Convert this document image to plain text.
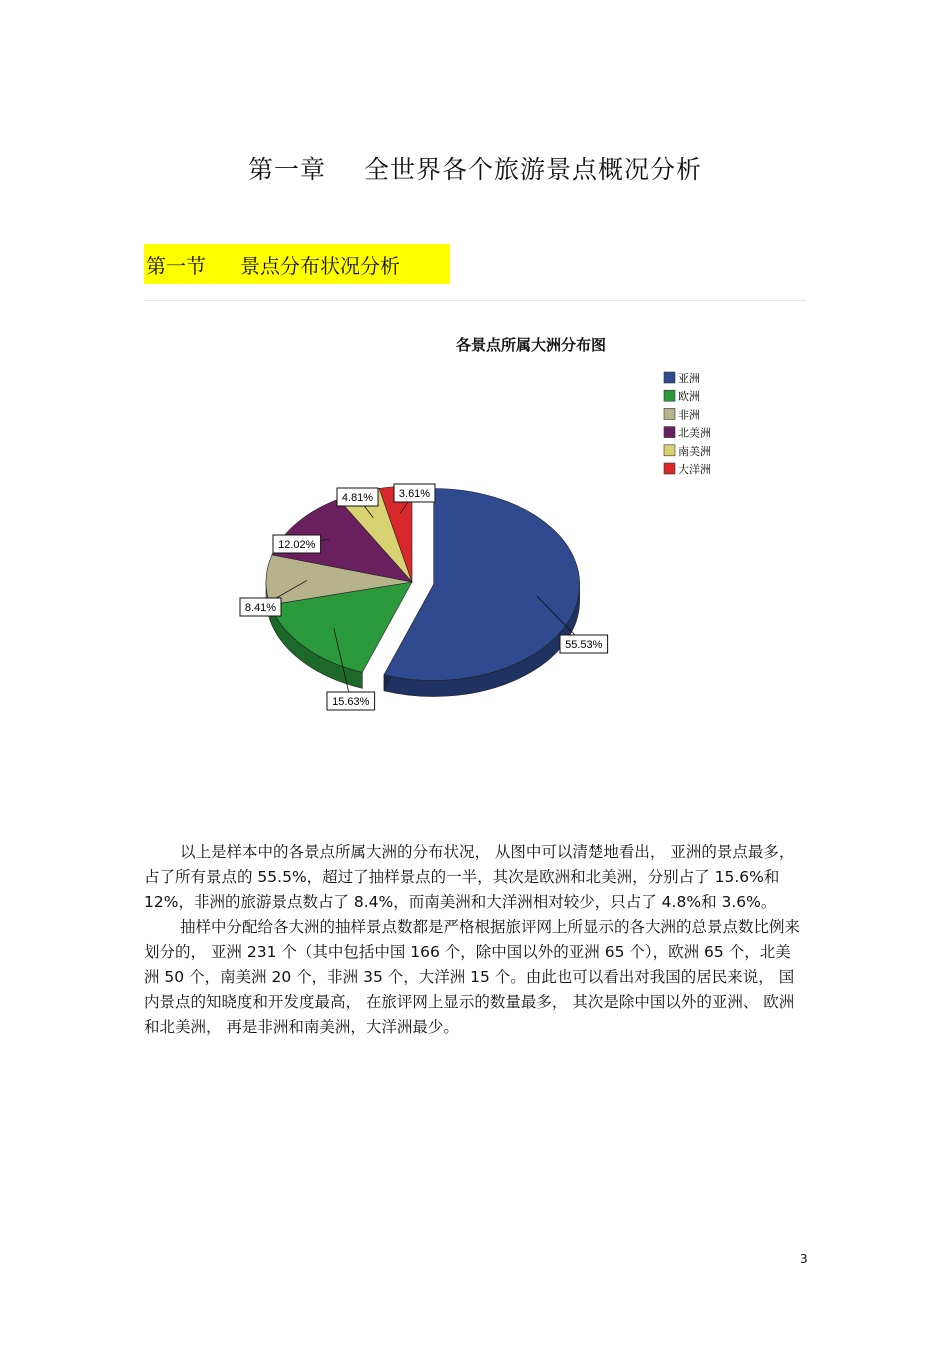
第一章 全世界各个旅游景点概况分析
第一节 景点分布状况分析
各景点所属大洲分布图
55.53%
15.63%
8.41%
12.02%
4.81% 3.61%
亚洲
欧洲
非洲
北美洲
南美洲
大洋洲

以上是样本中的各景点所属大洲的分布状况， 从图中可以清楚地看出， 亚洲的景点最多，占了所有景点的 55.5%，超过了抽样景点的一半，其次是欧洲和北美洲，分别占了 15.6%和 12%，非洲的旅游景点数占了 8.4%，而南美洲和大洋洲相对较少，只占了 4.8%和 3.6%。

抽样中分配给各大洲的抽样景点数都是严格根据旅评网上所显示的各大洲的总景点数比例来划分的， 亚洲 231 个（其中包括中国 166 个，除中国以外的亚洲 65 个），欧洲 65 个，北美洲 50 个，南美洲 20 个，非洲 35 个，大洋洲 15 个。由此也可以看出对我国的居民来说， 国内景点的知晓度和开发度最高， 在旅评网上显示的数量最多， 其次是除中国以外的亚洲、 欧洲和北美洲， 再是非洲和南美洲，大洋洲最少。

3
